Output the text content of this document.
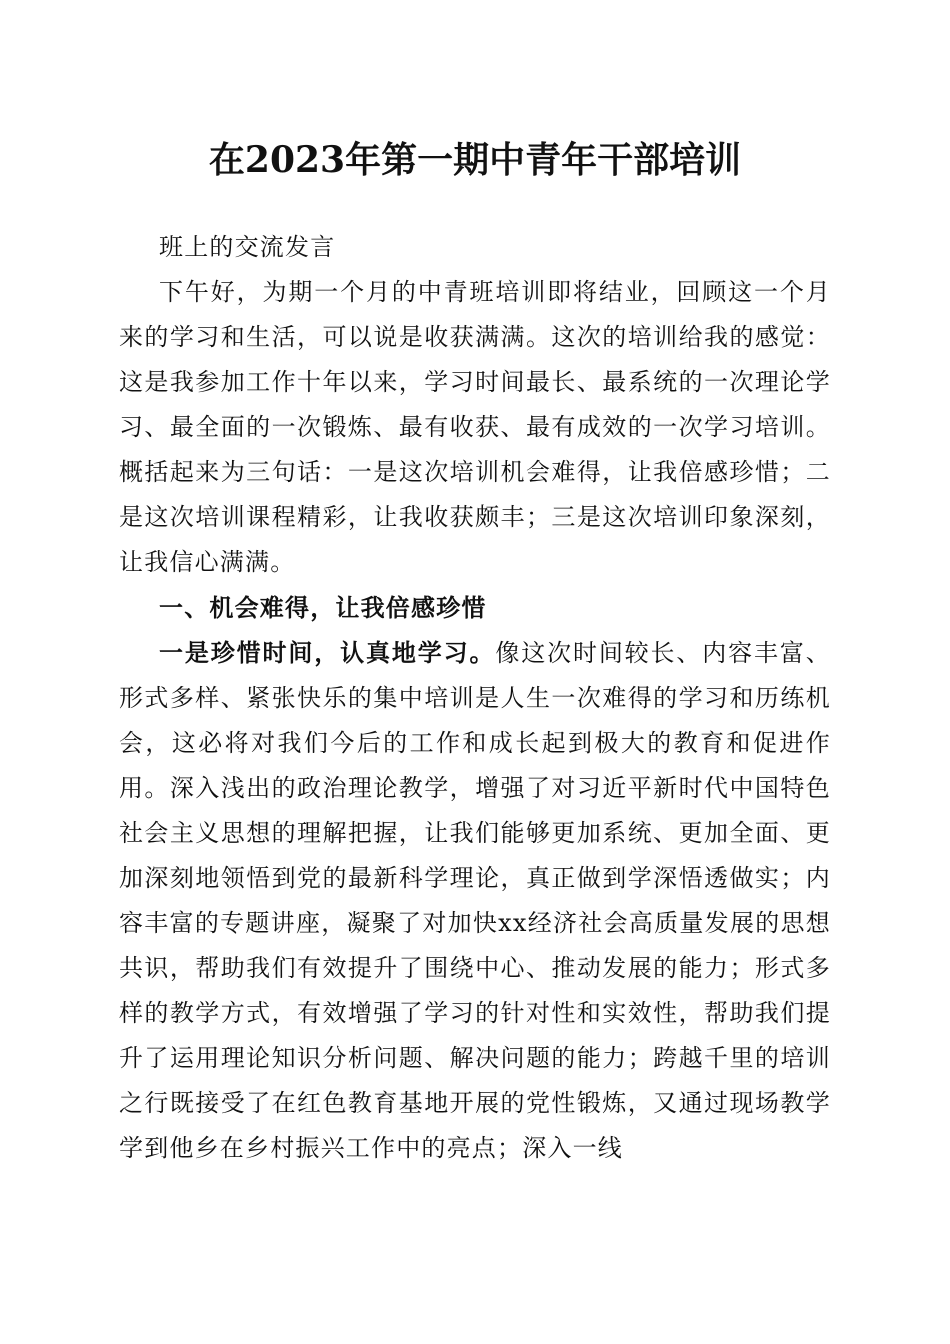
在2023年第一期中青年干部培训

班上的交流发言

下午好，为期一个月的中青班培训即将结业，回顾这一个月来的学习和生活，可以说是收获满满。这次的培训给我的感觉：这是我参加工作十年以来，学习时间最长、最系统的一次理论学习、最全面的一次锻炼、最有收获、最有成效的一次学习培训。概括起来为三句话：一是这次培训机会难得，让我倍感珍惜；二是这次培训课程精彩，让我收获颇丰；三是这次培训印象深刻，让我信心满满。

一、机会难得，让我倍感珍惜

一是珍惜时间，认真地学习。像这次时间较长、内容丰富、形式多样、紧张快乐的集中培训是人生一次难得的学习和历练机会，这必将对我们今后的工作和成长起到极大的教育和促进作用。深入浅出的政治理论教学，增强了对习近平新时代中国特色社会主义思想的理解把握，让我们能够更加系统、更加全面、更加深刻地领悟到党的最新科学理论，真正做到学深悟透做实；内容丰富的专题讲座，凝聚了对加快xx经济社会高质量发展的思想共识，帮助我们有效提升了围绕中心、推动发展的能力；形式多样的教学方式，有效增强了学习的针对性和实效性，帮助我们提升了运用理论知识分析问题、解决问题的能力；跨越千里的培训之行既接受了在红色教育基地开展的党性锻炼，又通过现场教学学到他乡在乡村振兴工作中的亮点；深入一线
